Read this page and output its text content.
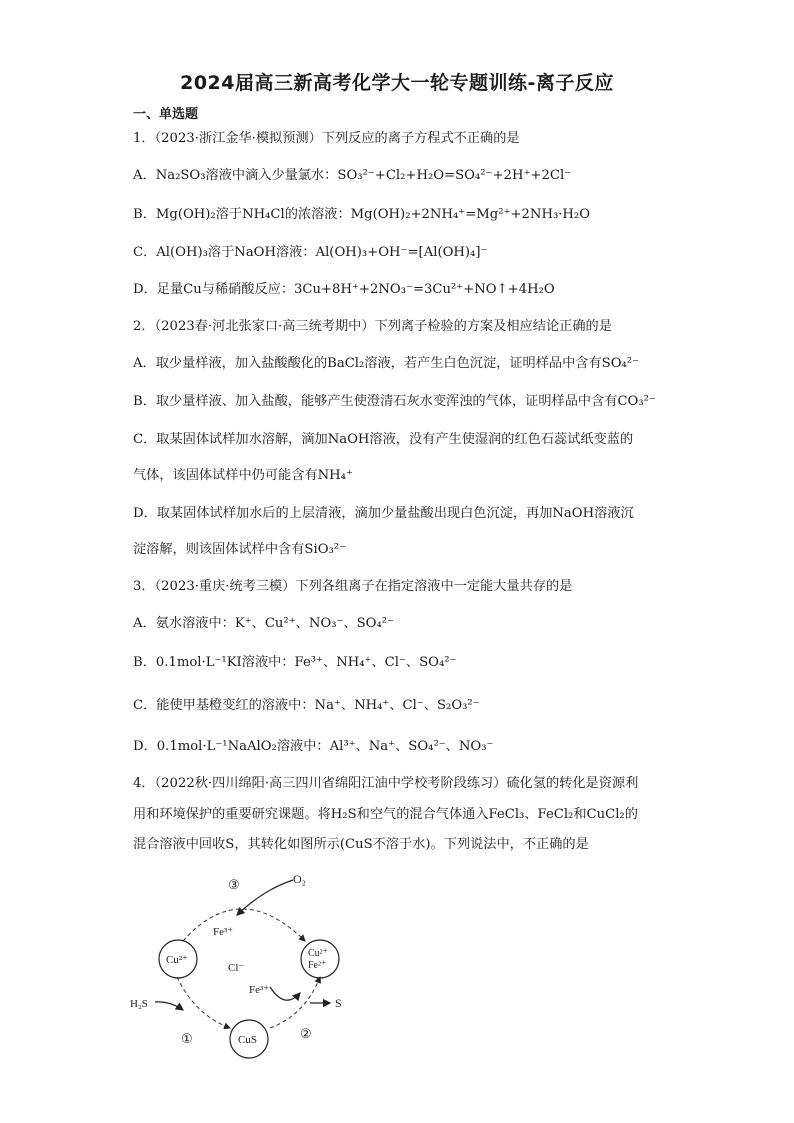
2024届高三新高考化学大一轮专题训练-离子反应
一、单选题
1．（2023·浙江金华·模拟预测）下列反应的离子方程式不正确的是
A．Na₂SO₃溶液中滴入少量氯水：SO₃²⁻+Cl₂+H₂O=SO₄²⁻+2H⁺+2Cl⁻
B．Mg(OH)₂溶于NH₄Cl的浓溶液：Mg(OH)₂+2NH₄⁺=Mg²⁺+2NH₃·H₂O
C．Al(OH)₃溶于NaOH溶液：Al(OH)₃+OH⁻=[Al(OH)₄]⁻
D．足量Cu与稀硝酸反应：3Cu+8H⁺+2NO₃⁻=3Cu²⁺+NO↑+4H₂O
2．（2023春·河北张家口·高三统考期中）下列离子检验的方案及相应结论正确的是
A．取少量样液，加入盐酸酸化的BaCl₂溶液，若产生白色沉淀，证明样品中含有SO₄²⁻
B．取少量样液、加入盐酸，能够产生使澄清石灰水变浑浊的气体，证明样品中含有CO₃²⁻
C．取某固体试样加水溶解，滴加NaOH溶液，没有产生使湿润的红色石蕊试纸变蓝的
气体，该固体试样中仍可能含有NH₄⁺
D．取某固体试样加水后的上层清液，滴加少量盐酸出现白色沉淀，再加NaOH溶液沉
淀溶解，则该固体试样中含有SiO₃²⁻
3．（2023·重庆·统考三模）下列各组离子在指定溶液中一定能大量共存的是
A．氨水溶液中：K⁺、Cu²⁺、NO₃⁻、SO₄²⁻
B．0.1mol·L⁻¹KI溶液中：Fe³⁺、NH₄⁺、Cl⁻、SO₄²⁻
C．能使甲基橙变红的溶液中：Na⁺、NH₄⁺、Cl⁻、S₂O₃²⁻
D．0.1mol·L⁻¹NaAlO₂溶液中：Al³⁺、Na⁺、SO₄²⁻、NO₃⁻
4．（2022秋·四川绵阳·高三四川省绵阳江油中学校考阶段练习）硫化氢的转化是资源利
用和环境保护的重要研究课题。将H₂S和空气的混合气体通入FeCl₃、FeCl₂和CuCl₂的
混合溶液中回收S，其转化如图所示(CuS不溶于水)。下列说法中，不正确的是
③	O₂
Fe³⁺
Cu²⁺
Cl⁻
Cu²⁺
Fe²⁺
Fe³⁺
H₂S	S
①	②
CuS
